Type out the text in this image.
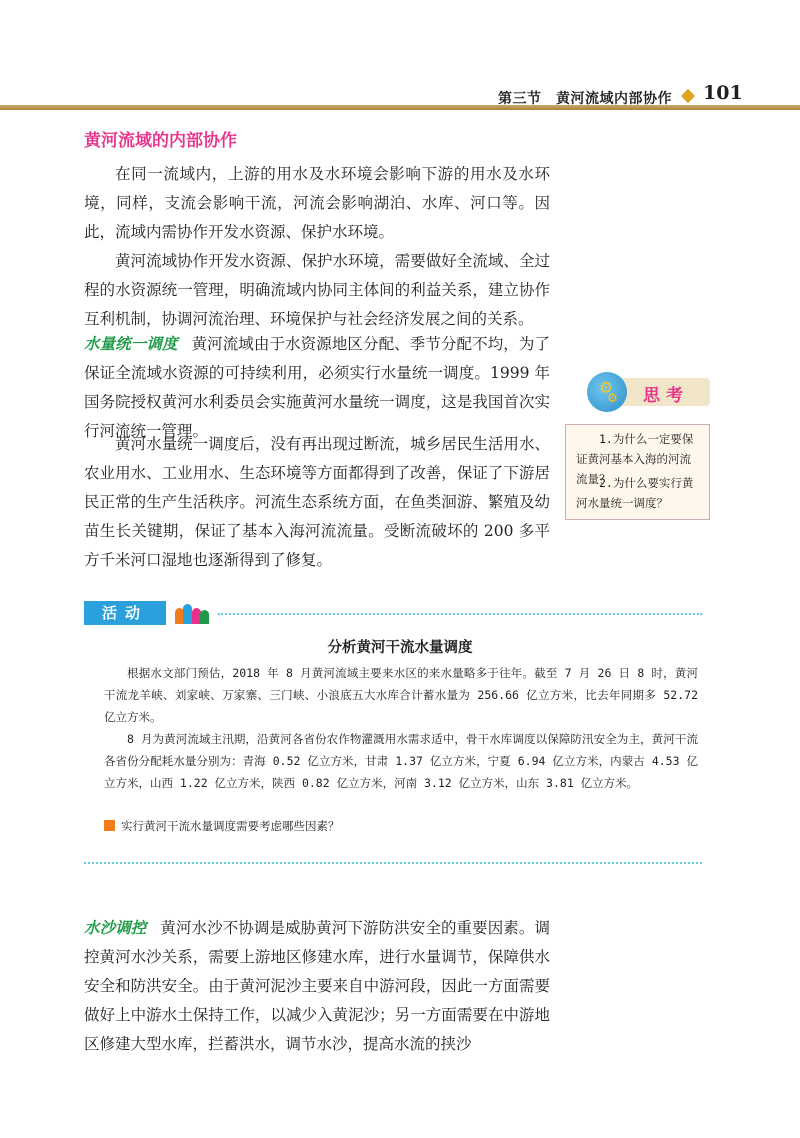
第三节　黄河流域内部协作 101
黄河流域的内部协作

在同一流域内，上游的用水及水环境会影响下游的用水及水环境，同样，支流会影响干流，河流会影响湖泊、水库、河口等。因此，流域内需协作开发水资源、保护水环境。

黄河流域协作开发水资源、保护水环境，需要做好全流域、全过程的水资源统一管理，明确流域内协同主体间的利益关系，建立协作互利机制，协调河流治理、环境保护与社会经济发展之间的关系。

水量统一调度 黄河流域由于水资源地区分配、季节分配不均，为了保证全流域水资源的可持续利用，必须实行水量统一调度。1999 年国务院授权黄河水利委员会实施黄河水量统一调度，这是我国首次实行河流统一管理。

黄河水量统一调度后，没有再出现过断流，城乡居民生活用水、农业用水、工业用水、生态环境等方面都得到了改善，保证了下游居民正常的生产生活秩序。河流生态系统方面，在鱼类洄游、繁殖及幼苗生长关键期，保证了基本入海河流流量。受断流破坏的 200 多平方千米河口湿地也逐渐得到了修复。

⚙
⚙ 思考

1.为什么一定要保证黄河基本入海的河流流量？

2.为什么要实行黄河水量统一调度？

活动
分析黄河干流水量调度

根据水文部门预估，2018 年 8 月黄河流域主要来水区的来水量略多于往年。截至 7 月 26 日 8 时，黄河干流龙羊峡、刘家峡、万家寨、三门峡、小浪底五大水库合计蓄水量为 256.66 亿立方米，比去年同期多 52.72 亿立方米。

8 月为黄河流域主汛期，沿黄河各省份农作物灌溉用水需求适中，骨干水库调度以保障防汛安全为主，黄河干流各省份分配耗水量分别为：青海 0.52 亿立方米，甘肃 1.37 亿立方米，宁夏 6.94 亿立方米，内蒙古 4.53 亿立方米，山西 1.22 亿立方米，陕西 0.82 亿立方米，河南 3.12 亿立方米，山东 3.81 亿立方米。

实行黄河干流水量调度需要考虑哪些因素？

水沙调控 黄河水沙不协调是威胁黄河下游防洪安全的重要因素。调控黄河水沙关系，需要上游地区修建水库，进行水量调节，保障供水安全和防洪安全。由于黄河泥沙主要来自中游河段，因此一方面需要做好上中游水土保持工作，以减少入黄泥沙；另一方面需要在中游地区修建大型水库，拦蓄洪水，调节水沙，提高水流的挟沙
